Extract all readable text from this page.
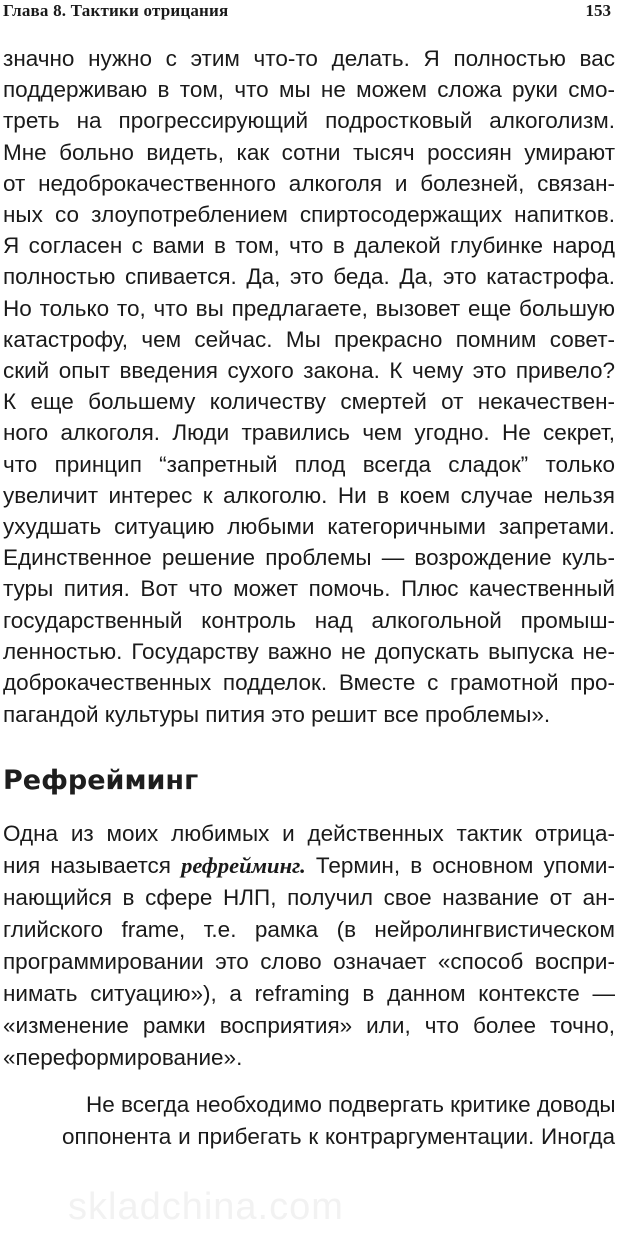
Глава 8. Тактики отрицания	153
значно нужно с этим что-то делать. Я полностью вас
поддерживаю в том, что мы не можем сложа руки смо-
треть на прогрессирующий подростковый алкоголизм.
Мне больно видеть, как сотни тысяч россиян умирают
от недоброкачественного алкоголя и болезней, связан-
ных со злоупотреблением спиртосодержащих напитков.
Я согласен с вами в том, что в далекой глубинке народ
полностью спивается. Да, это беда. Да, это катастрофа.
Но только то, что вы предлагаете, вызовет еще большую
катастрофу, чем сейчас. Мы прекрасно помним совет-
ский опыт введения сухого закона. К чему это привело?
К еще большему количеству смертей от некачествен-
ного алкоголя. Люди травились чем угодно. Не секрет,
что принцип “запретный плод всегда сладок” только
увеличит интерес к алкоголю. Ни в коем случае нельзя
ухудшать ситуацию любыми категоричными запретами.
Единственное решение проблемы — возрождение куль-
туры пития. Вот что может помочь. Плюс качественный
государственный контроль над алкогольной промыш-
ленностью. Государству важно не допускать выпуска не-
доброкачественных подделок. Вместе с грамотной про-
пагандой культуры пития это решит все проблемы».
Рефрейминг
Одна из моих любимых и действенных тактик отрица-
ния называется рефрейминг. Термин, в основном упоми-
нающийся в сфере НЛП, получил свое название от ан-
глийского frame, т.е. рамка (в нейролингвистическом
программировании это слово означает «способ воспри-
нимать ситуацию»), а reframing в данном контексте —
«изменение рамки восприятия» или, что более точно,
«переформирование».
Не всегда необходимо подвергать критике доводы
оппонента и прибегать к контраргументации. Иногда
skladchina.com
